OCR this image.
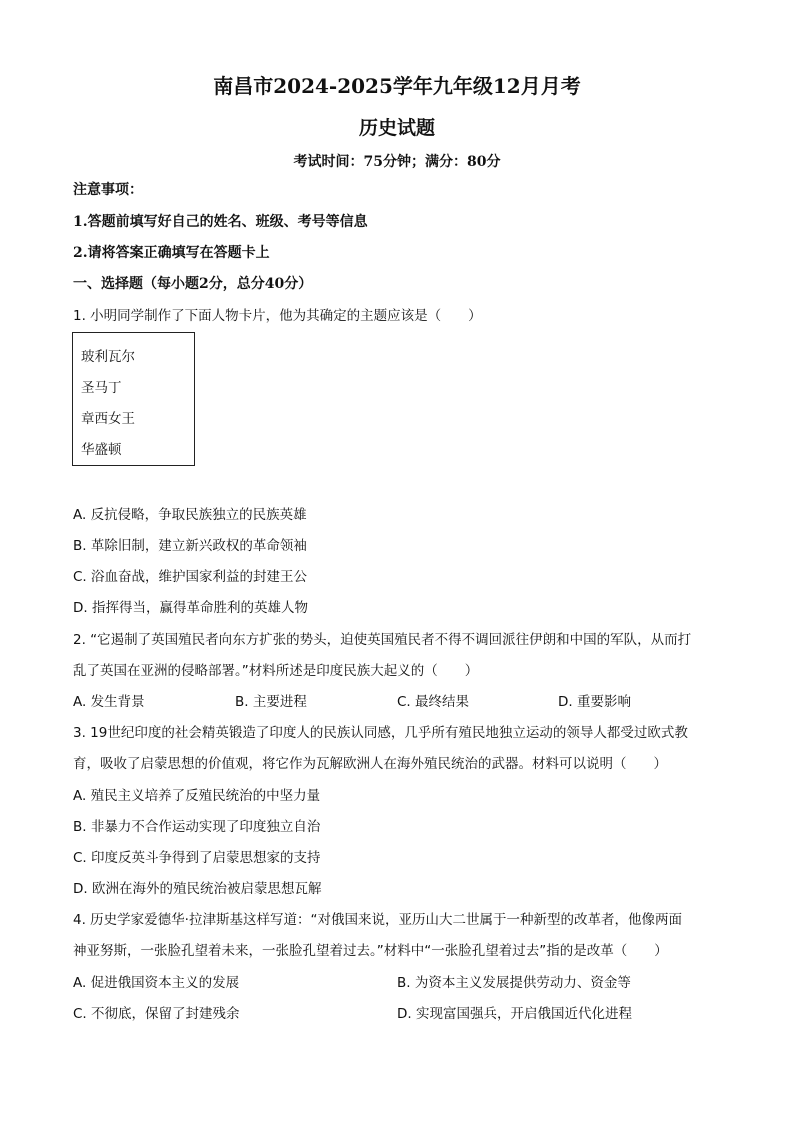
南昌市2024-2025学年九年级12月月考
历史试题
考试时间：75分钟；满分：80分
注意事项：
1.答题前填写好自己的姓名、班级、考号等信息
2.请将答案正确填写在答题卡上
一、选择题（每小题2分，总分40分）
1. 小明同学制作了下面人物卡片，他为其确定的主题应该是（　　）
玻利瓦尔
圣马丁
章西女王
华盛顿
A. 反抗侵略，争取民族独立的民族英雄
B. 革除旧制，建立新兴政权的革命领袖
C. 浴血奋战，维护国家利益的封建王公
D. 指挥得当，赢得革命胜利的英雄人物
2. “它遏制了英国殖民者向东方扩张的势头，迫使英国殖民者不得不调回派往伊朗和中国的军队，从而打
乱了英国在亚洲的侵略部署。”材料所述是印度民族大起义的（　　）
A. 发生背景	B. 主要进程	C. 最终结果	D. 重要影响
3. 19世纪印度的社会精英锻造了印度人的民族认同感，几乎所有殖民地独立运动的领导人都受过欧式教
育，吸收了启蒙思想的价值观，将它作为瓦解欧洲人在海外殖民统治的武器。材料可以说明（　　）
A. 殖民主义培养了反殖民统治的中坚力量
B. 非暴力不合作运动实现了印度独立自治
C. 印度反英斗争得到了启蒙思想家的支持
D. 欧洲在海外的殖民统治被启蒙思想瓦解
4. 历史学家爱德华·拉津斯基这样写道：“对俄国来说，亚历山大二世属于一种新型的改革者，他像两面
神亚努斯，一张脸孔望着未来，一张脸孔望着过去。”材料中“一张脸孔望着过去”指的是改革（　　）
A. 促进俄国资本主义的发展	B. 为资本主义发展提供劳动力、资金等
C. 不彻底，保留了封建残余	D. 实现富国强兵，开启俄国近代化进程
